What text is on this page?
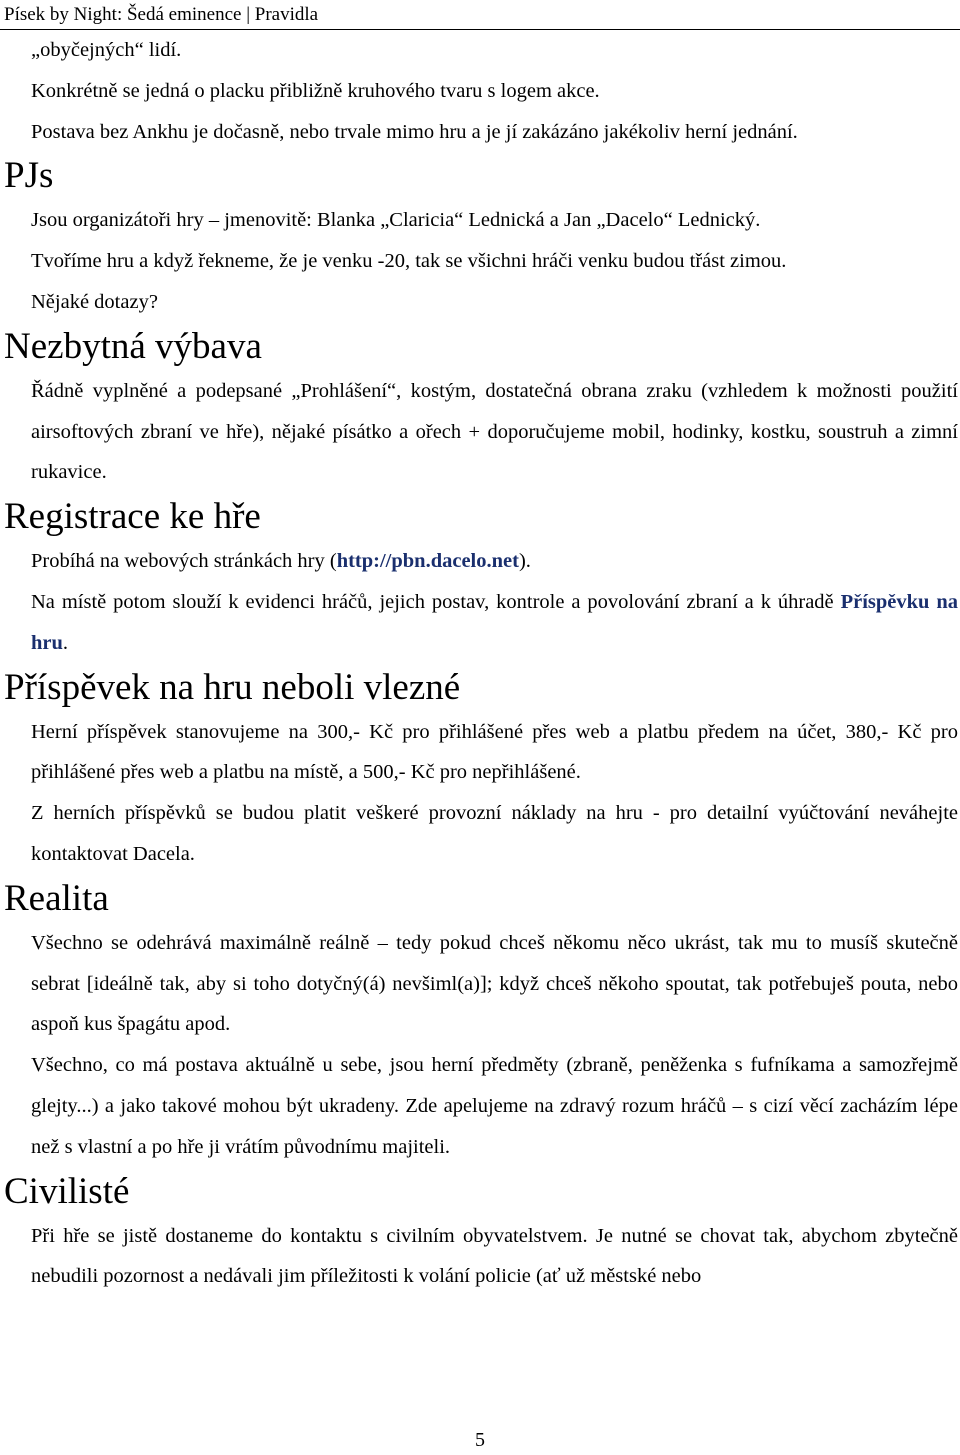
Písek by Night: Šedá eminence | Pravidla

„obyčejných“ lidí.

Konkrétně se jedná o placku přibližně kruhového tvaru s logem akce.

Postava bez Ankhu je dočasně, nebo trvale mimo hru a je jí zakázáno jakékoliv herní jednání.

PJs

Jsou organizátoři hry – jmenovitě: Blanka „Claricia“ Lednická a Jan „Dacelo“ Lednický.

Tvoříme hru a když řekneme, že je venku -20, tak se všichni hráči venku budou třást zimou.

Nějaké dotazy?

Nezbytná výbava

Řádně vyplněné a podepsané „Prohlášení“, kostým, dostatečná obrana zraku (vzhledem k možnosti použití airsoftových zbraní ve hře), nějaké písátko a ořech + doporučujeme mobil, hodinky, kostku, soustruh a zimní rukavice.

Registrace ke hře

Probíhá na webových stránkách hry (http://pbn.dacelo.net).

Na místě potom slouží k evidenci hráčů, jejich postav, kontrole a povolování zbraní a k úhradě Příspěvku na hru.

Příspěvek na hru neboli vlezné

Herní příspěvek stanovujeme na 300,- Kč pro přihlášené přes web a platbu předem na účet, 380,- Kč pro přihlášené přes web a platbu na místě, a 500,- Kč pro nepřihlášené.

Z herních příspěvků se budou platit veškeré provozní náklady na hru - pro detailní vyúčtování neváhejte kontaktovat Dacela.

Realita

Všechno se odehrává maximálně reálně – tedy pokud chceš někomu něco ukrást, tak mu to musíš skutečně sebrat [ideálně tak, aby si toho dotyčný(á) nevšiml(a)]; když chceš někoho spoutat, tak potřebuješ pouta, nebo aspoň kus špagátu apod.

Všechno, co má postava aktuálně u sebe, jsou herní předměty (zbraně, peněženka s fufníkama a samozřejmě glejty...) a jako takové mohou být ukradeny. Zde apelujeme na zdravý rozum hráčů – s cizí věcí zacházím lépe než s vlastní a po hře ji vrátím původnímu majiteli.

Civilisté

Při hře se jistě dostaneme do kontaktu s civilním obyvatelstvem. Je nutné se chovat tak, abychom zbytečně nebudili pozornost a nedávali jim příležitosti k volání policie (ať už městské nebo

5
